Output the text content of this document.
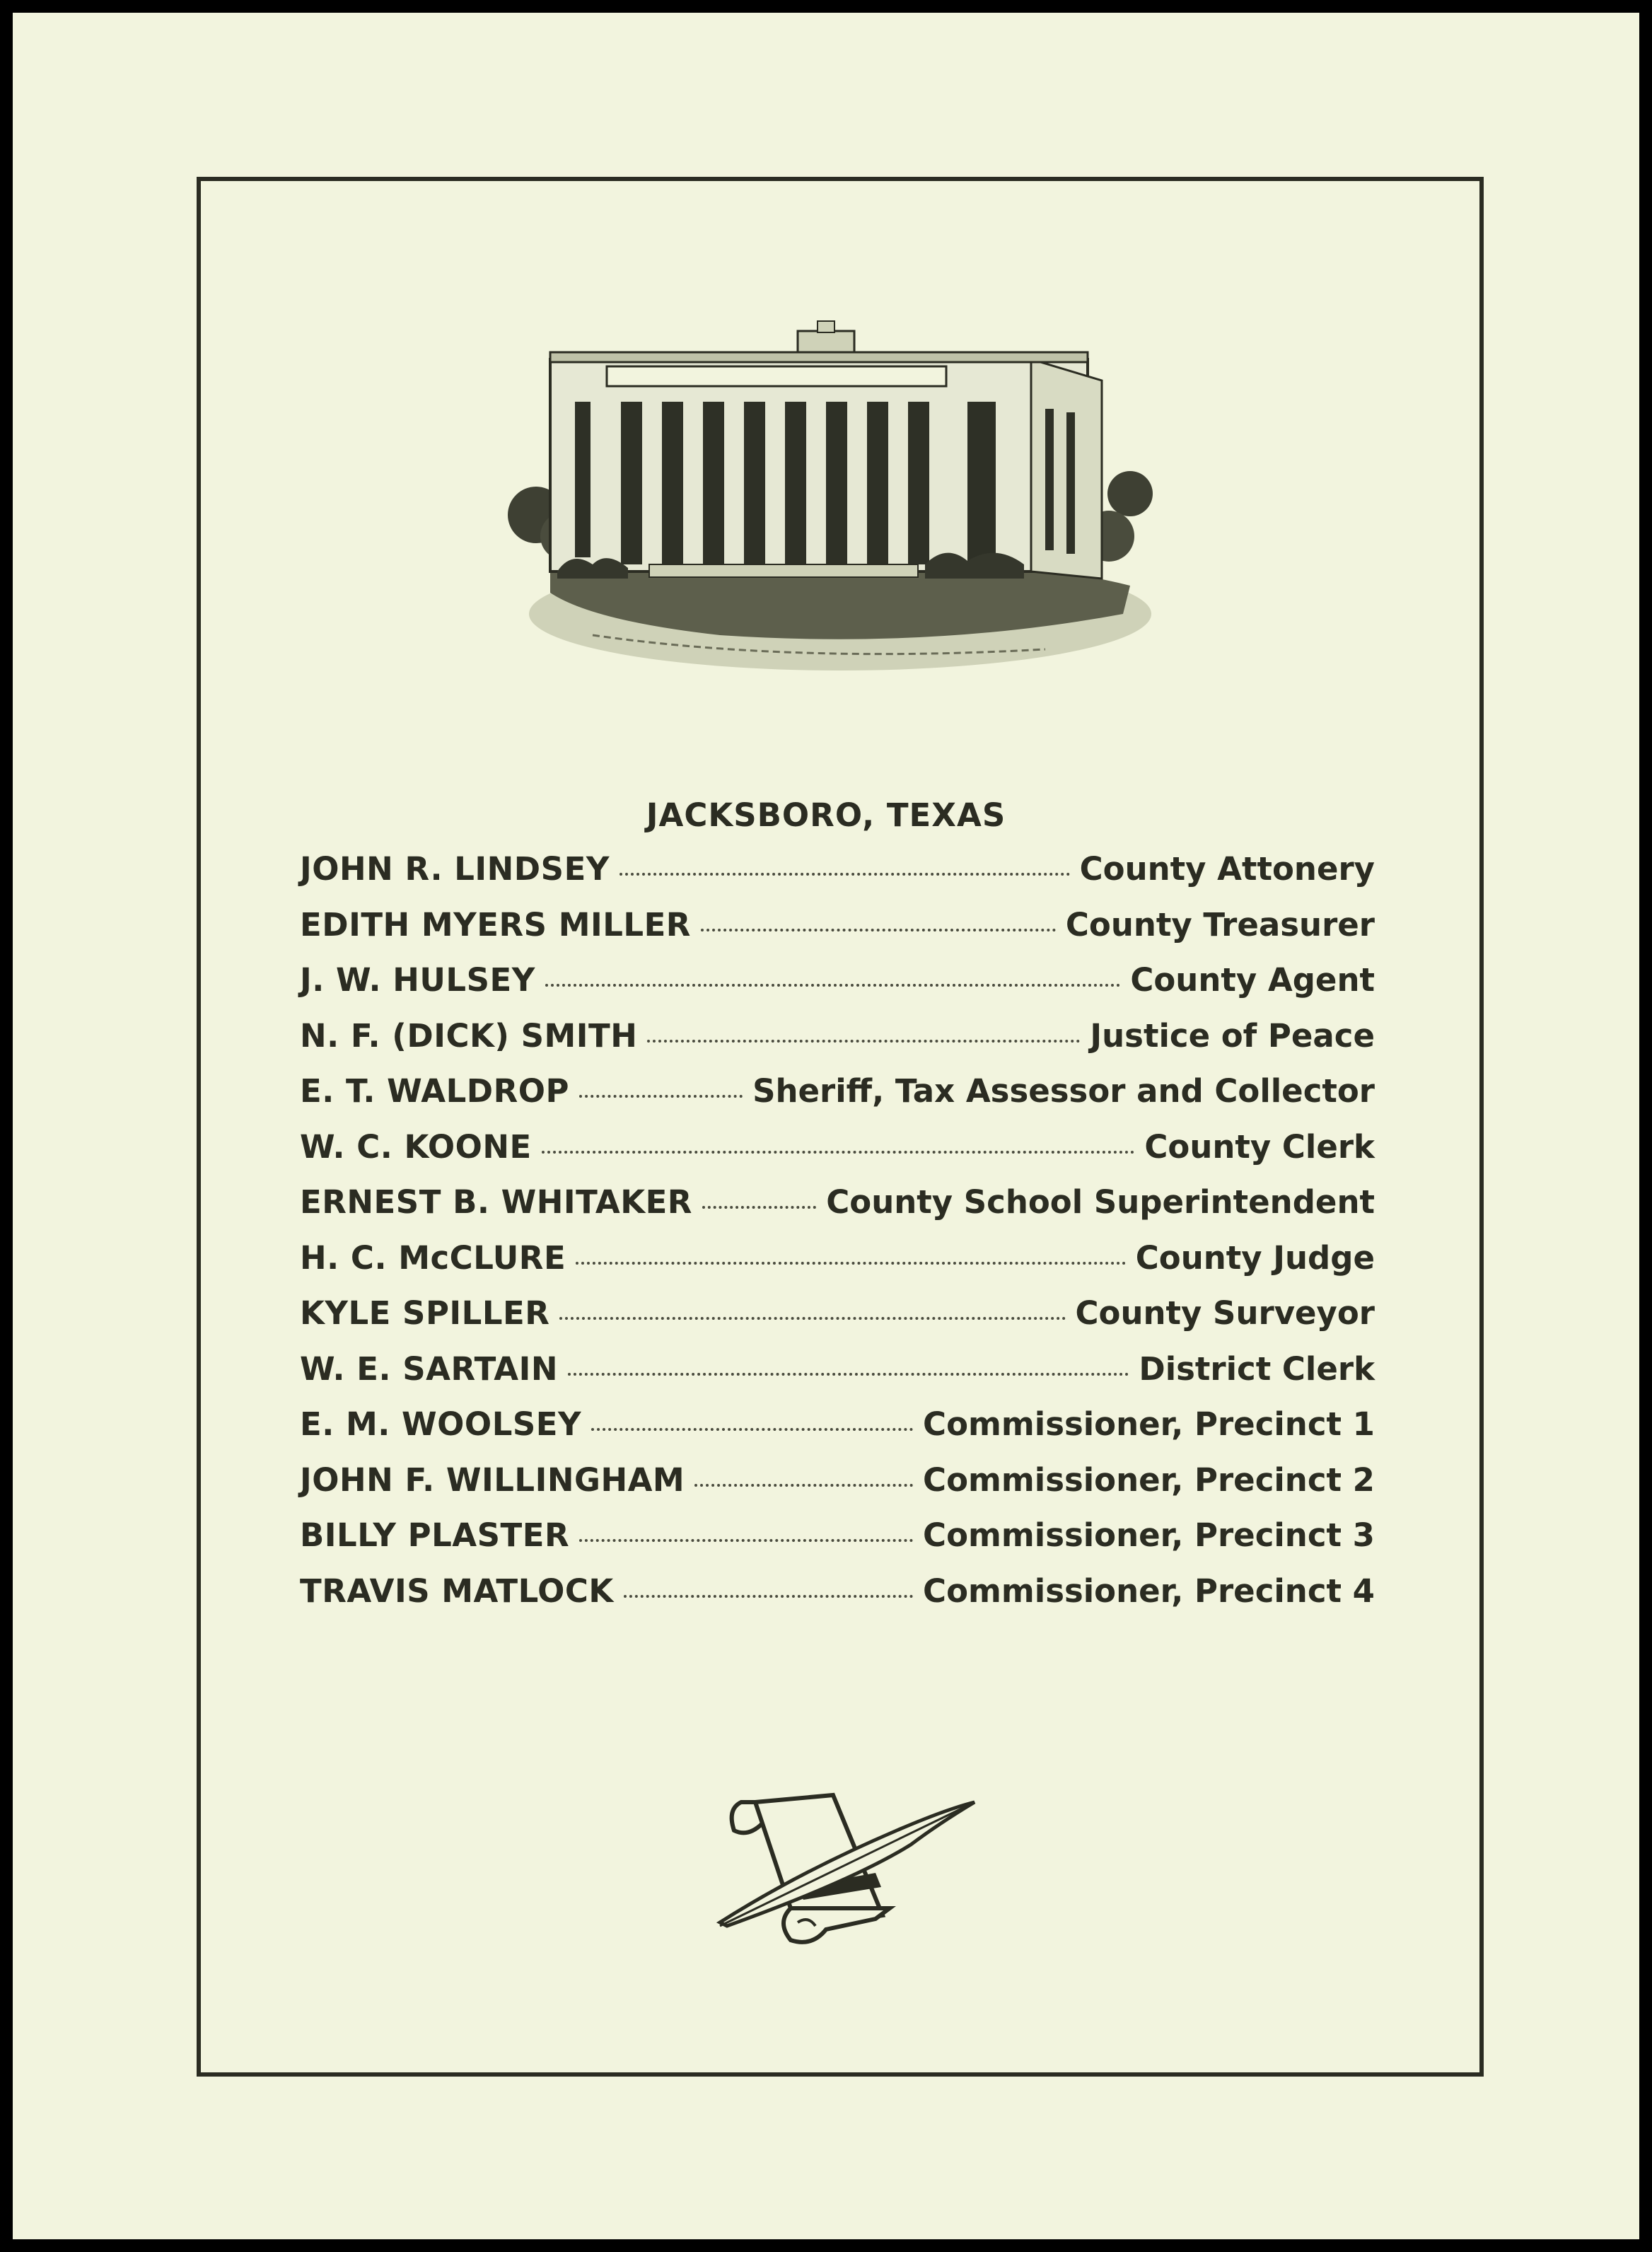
JACKSBORO, TEXAS
JOHN R. LINDSEY	County Attonery
EDITH MYERS MILLER	County Treasurer
J. W. HULSEY	County Agent
N. F. (DICK) SMITH	Justice of Peace
E. T. WALDROP	Sheriff, Tax Assessor and Collector
W. C. KOONE	County Clerk
ERNEST B. WHITAKER	County School Superintendent
H. C. McCLURE	County Judge
KYLE SPILLER	County Surveyor
W. E. SARTAIN	District Clerk
E. M. WOOLSEY	Commissioner, Precinct 1
JOHN F. WILLINGHAM	Commissioner, Precinct 2
BILLY PLASTER	Commissioner, Precinct 3
TRAVIS MATLOCK	Commissioner, Precinct 4
